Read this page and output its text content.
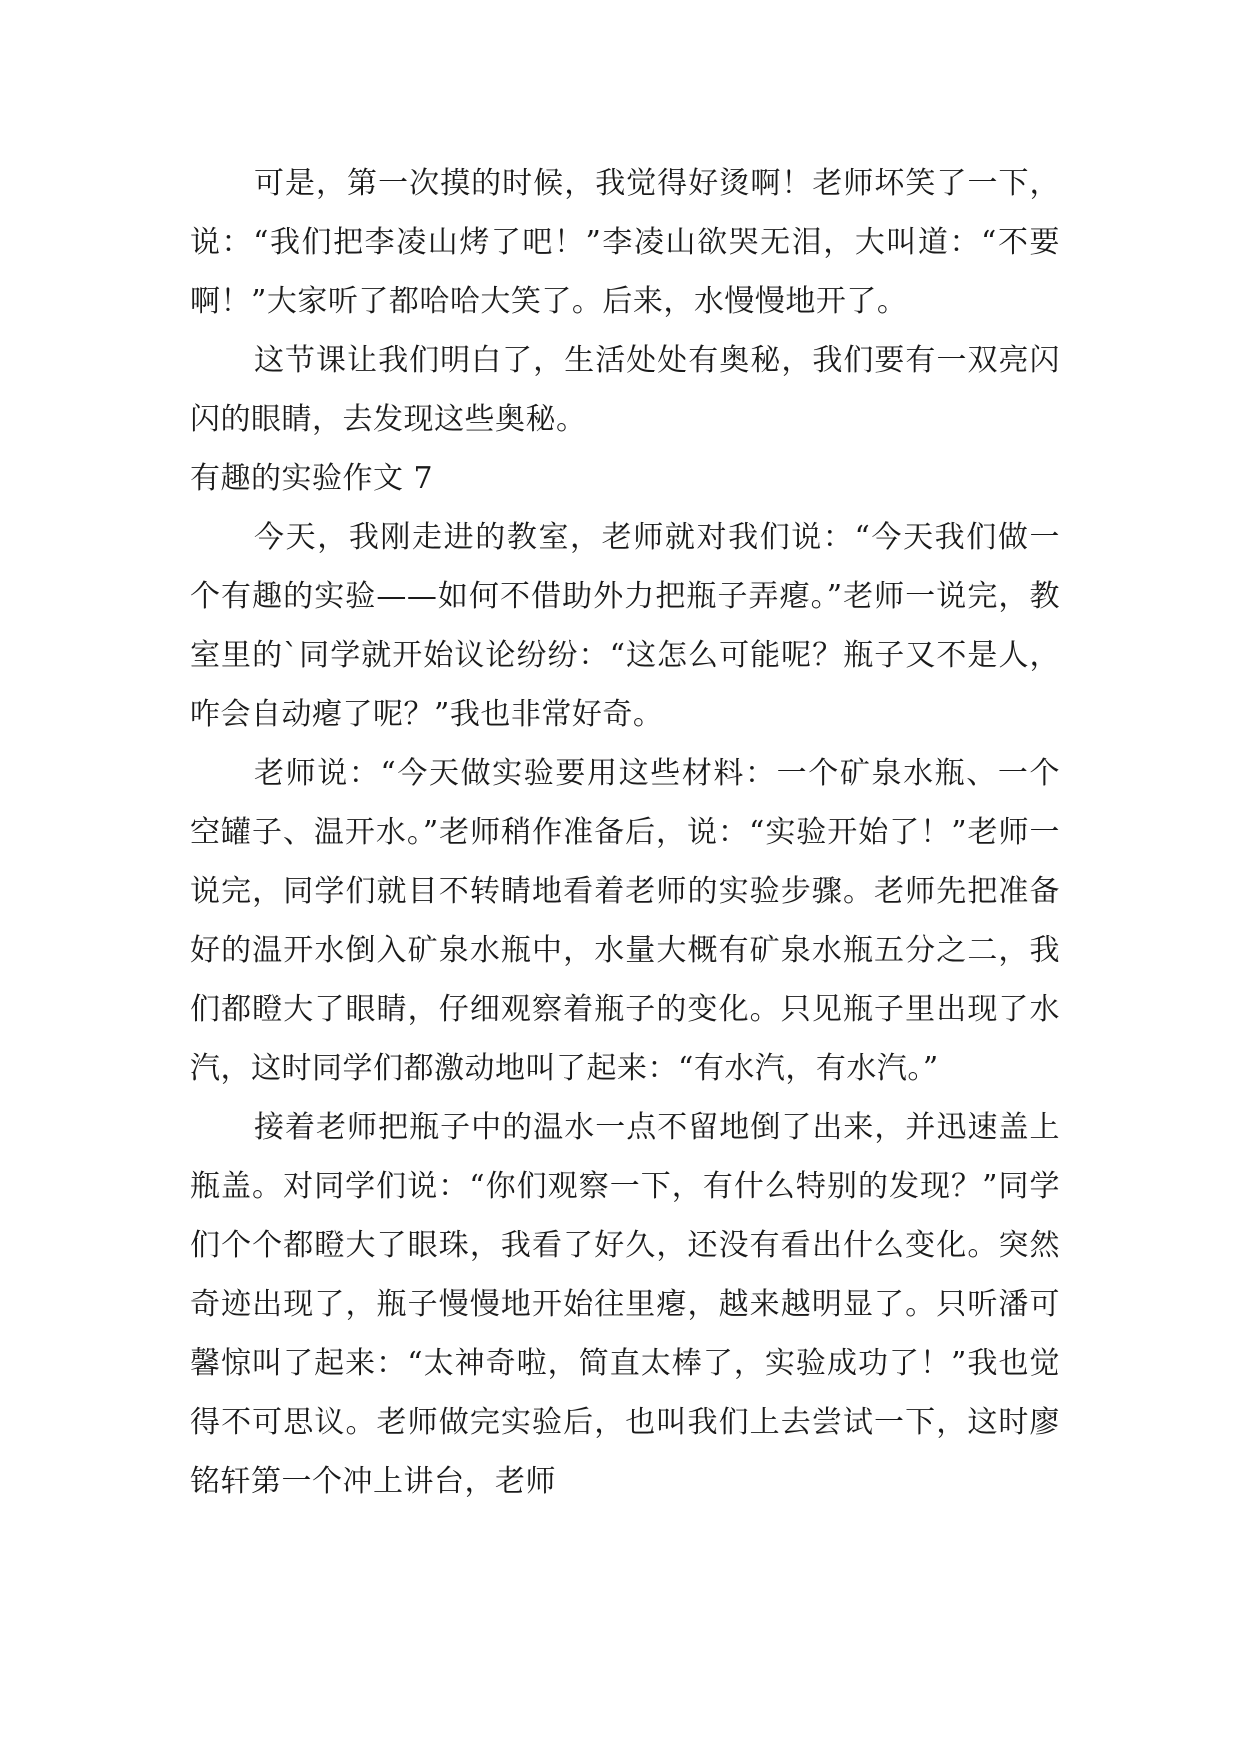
可是，第一次摸的时候，我觉得好烫啊！老师坏笑了一下，说：“我们把李凌山烤了吧！”李凌山欲哭无泪，大叫道：“不要啊！”大家听了都哈哈大笑了。后来，水慢慢地开了。

这节课让我们明白了，生活处处有奥秘，我们要有一双亮闪闪的眼睛，去发现这些奥秘。

有趣的实验作文 7

今天，我刚走进的教室，老师就对我们说：“今天我们做一个有趣的实验——如何不借助外力把瓶子弄瘪。”老师一说完，教室里的`同学就开始议论纷纷：“这怎么可能呢？瓶子又不是人，咋会自动瘪了呢？”我也非常好奇。

老师说：“今天做实验要用这些材料：一个矿泉水瓶、一个空罐子、温开水。”老师稍作准备后，说：“实验开始了！”老师一说完，同学们就目不转睛地看着老师的实验步骤。老师先把准备好的温开水倒入矿泉水瓶中，水量大概有矿泉水瓶五分之二，我们都瞪大了眼睛，仔细观察着瓶子的变化。只见瓶子里出现了水汽，这时同学们都激动地叫了起来：“有水汽，有水汽。”

接着老师把瓶子中的温水一点不留地倒了出来，并迅速盖上瓶盖。对同学们说：“你们观察一下，有什么特别的发现？”同学们个个都瞪大了眼珠，我看了好久，还没有看出什么变化。突然奇迹出现了，瓶子慢慢地开始往里瘪，越来越明显了。只听潘可馨惊叫了起来：“太神奇啦，简直太棒了，实验成功了！”我也觉得不可思议。老师做完实验后，也叫我们上去尝试一下，这时廖铭轩第一个冲上讲台，老师
